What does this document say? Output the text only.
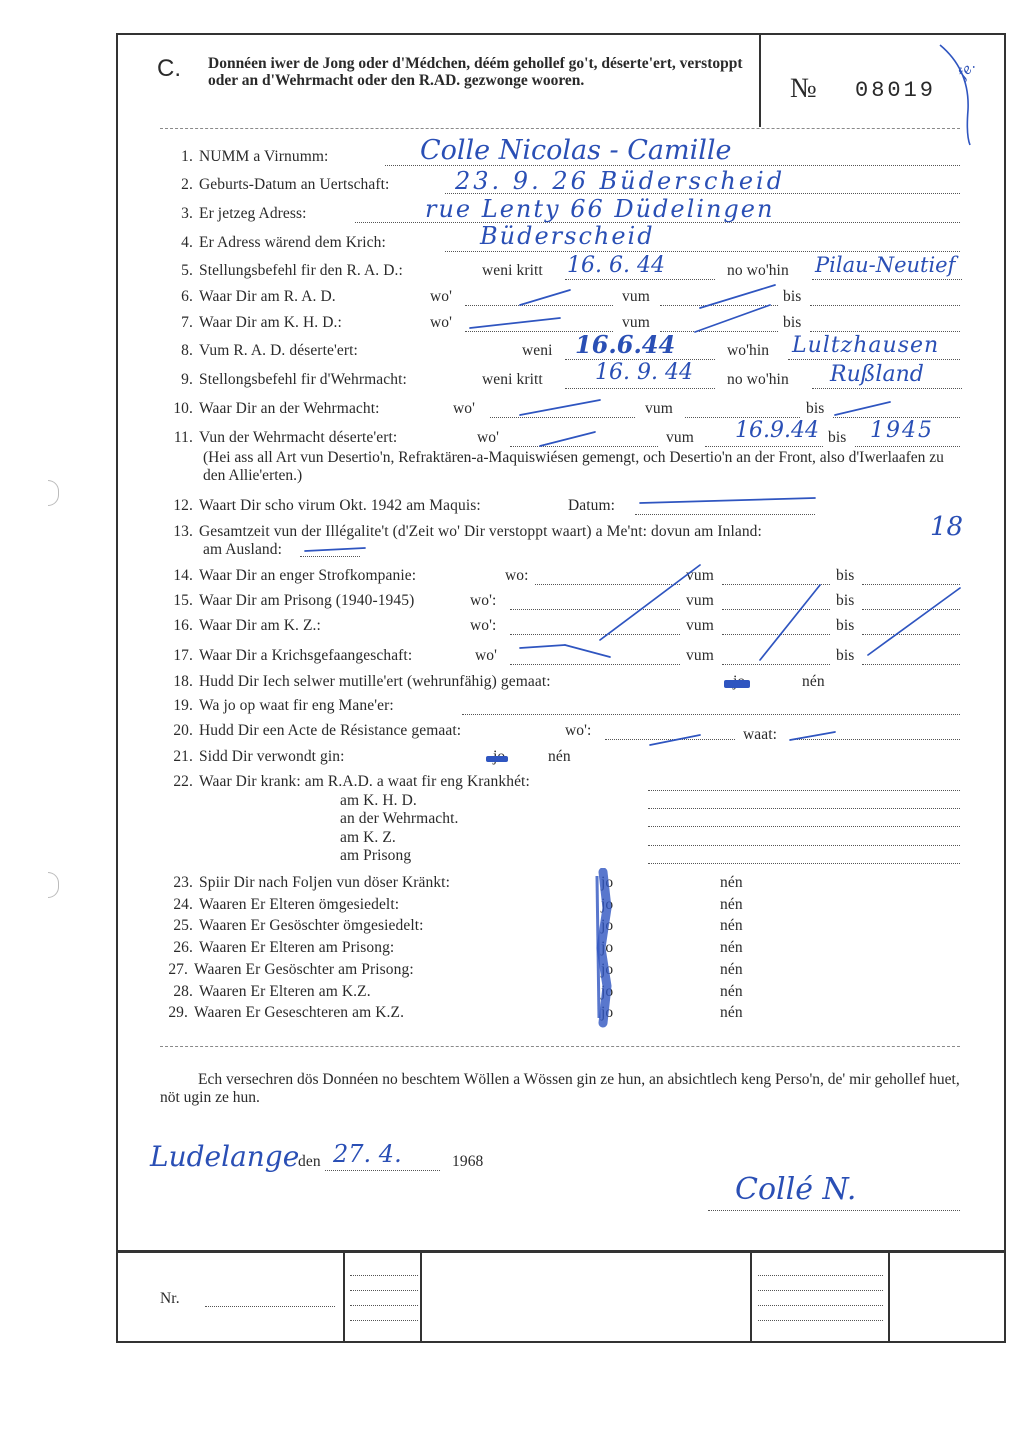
C. Donnéen iwer de Jong oder d'Médchen, déém gehollef go't, déserte'ert, verstoppt oder an d'Wehrmacht oder den R.AD. gezwonge wooren.	№ 08019
fe.
1. NUMM a Virnumm:	Colle Nicolas - Camille
2. Geburts-Datum an Uertschaft:	23. 9. 26 Büderscheid
3. Er jetzeg Adress:	rue Lenty 66 Düdelingen
4. Er Adress wärend dem Krich:	Büderscheid
5. Stellungsbefehl fir den R. A. D.:	weni kritt 16. 6. 44	no wo'hin Pilau-Neutief
6. Waar Dir am R. A. D.	wo'	vum	bis
7. Waar Dir am K. H. D.:	wo'	vum	bis
8. Vum R. A. D. déserte'ert:	weni 16.6.44	wo'hin Lultzhausen
9. Stellongsbefehl fir d'Wehrmacht:	weni kritt 16. 9. 44 no wo'hin Rußland
10. Waar Dir an der Wehrmacht:	wo'	vum	bis
11. Vun der Wehrmacht déserte'ert:	wo'	vum 16.9.44 bis 1945
(Hei ass all Art vun Desertio'n, Refraktären-a-Maquiswiésen gemengt, och Desertio'n an der Front, also d'Iwerlaafen zu den Allie'erten.)
12. Waart Dir scho virum Okt. 1942 am Maquis:	Datum:
13. Gesamtzeit vun der Illégalite't (d'Zeit wo' Dir verstoppt waart) a Me'nt: dovun am Inland:	18
am Ausland:
14. Waar Dir an enger Strofkompanie:	wo:	vum	bis
15. Waar Dir am Prisong (1940-1945)	wo':	vum	bis
16. Waar Dir am K. Z.:	wo':	vum	bis
17. Waar Dir a Krichsgefaangeschaft:	wo'	vum	bis
18. Hudd Dir Iech selwer mutille'ert (wehrunfähig) gemaat:	nén
19. Wa jo op waat fir eng Mane'er:
20. Hudd Dir een Acte de Résistance gemaat:	wo':	waat:
21. Sidd Dir verwondt gin:	nén
22. Waar Dir krank: am R.A.D. a waat fir eng Krankhét:
am K. H. D.
an der Wehrmacht.
am K. Z.
am Prisong
23. Spiir Dir nach Foljen vun döser Kränkt:	jo	nén
24. Waaren Er Elteren ömgesiedelt:	jo	nén
25. Waaren Er Gesöschter ömgesiedelt:	jo	nén
26. Waaren Er Elteren am Prisong:	jo	nén
27. Waaren Er Gesöschter am Prisong:	jo	nén
28. Waaren Er Elteren am K.Z.	jo	nén
29. Waaren Er Geseschteren am K.Z.	jo	nén
Ech versechren dös Donnéen no beschtem Wöllen a Wössen gin ze hun, an absichtlech keng Perso'n, de' mir gehollef huet, nöt ugin ze hun.
Ludelange
den 27. 4.	1968
Collé N.
Nr.
